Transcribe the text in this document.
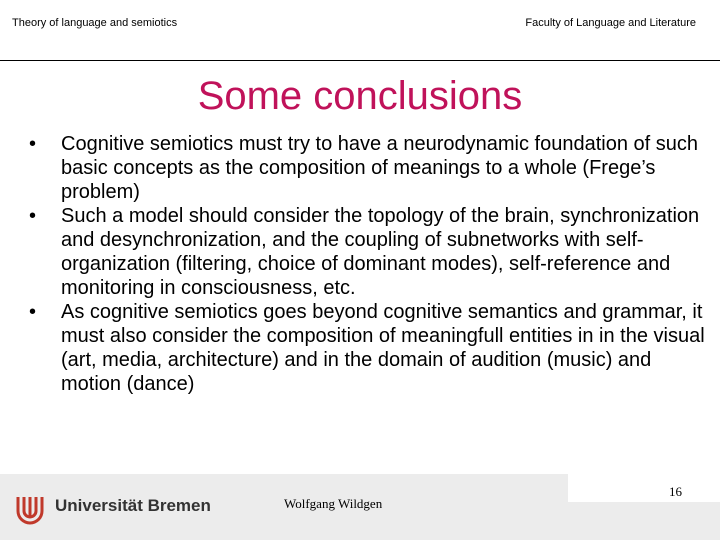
Theory of language and semiotics	Faculty of Language and Literature
Some conclusions
•	Cognitive semiotics must try to have a neurodynamic foundation of such basic concepts as the composition of meanings to a whole (Frege’s problem)
•	Such a model should consider the topology of the brain, synchronization and desynchronization, and the coupling of subnetworks with self-organization (filtering, choice of dominant modes), self-reference and monitoring in consciousness, etc.
•	As cognitive semiotics goes beyond cognitive semantics and grammar, it must also consider the composition of meaningfull entities in in the visual (art, media, architecture) and in the domain of audition (music) and motion (dance)
Universität Bremen	Wolfgang Wildgen
16
